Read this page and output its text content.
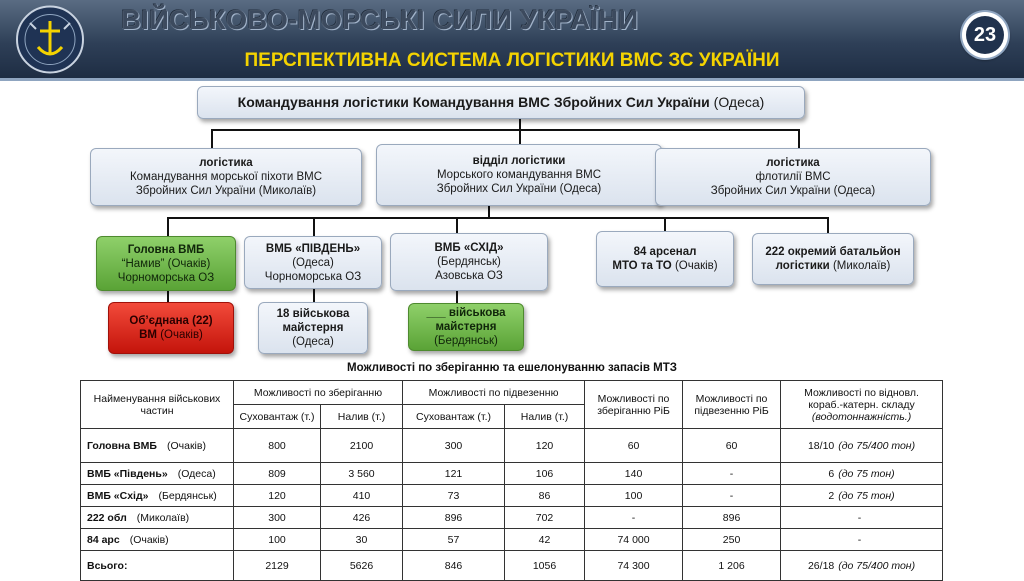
ВІЙСЬКОВО-МОРСЬКІ СИЛИ УКРАЇНИ
ПЕРСПЕКТИВНА СИСТЕМА ЛОГІСТИКИ ВМС ЗС УКРАЇНИ
23
Командування логістики Командування ВМС Збройних Сил України (Одеса)
логістика
Командування морської піхоти ВМС
Збройних Сил України (Миколаїв)
відділ логістики
Морського командування ВМС
Збройних Сил України (Одеса)
логістика
флотилії ВМС
Збройних Сил України (Одеса)
Головна ВМБ
“Намив” (Очаків)
Чорноморська ОЗ
ВМБ «ПІВДЕНЬ»
(Одеса)
Чорноморська ОЗ
ВМБ «СХІД»
(Бердянськ)
Азовська ОЗ
84 арсенал
МТО та ТО (Очаків)
222 окремий батальйон
логістики (Миколаїв)
Об’єднана (22)
ВМ (Очаків)
18 військова
майстерня
(Одеса)
___ військова
майстерня
(Бердянськ)
Можливості по зберіганню та ешелонуванню запасів МТЗ
Найменування військових частин	Можливості по зберіганню		Можливості по підвезенню		Можливості по зберіганню РіБ	Можливості по підвезенню РіБ	Можливості по відновл.
кораб.-катерн. складу
(водотоннажність.)

	Суховантаж (т.)	Налив (т.)	Суховантаж (т.)	Налив (т.)			
Головна ВМБ (Очаків)	800	2100	300	120	60	60	18/10 (до 75/400 тон)
ВМБ «Південь» (Одеса)	809	3 560	121	106	140	-	6 (до 75 тон)
ВМБ «Схід» (Бердянськ)	120	410	73	86	100	-	2 (до 75 тон)
222 обл (Миколаїв)	300	426	896	702	-	896	-
84 арс (Очаків)	100	30	57	42	74 000	250	-
Всього:	2129	5626	846	1056	74 300	1 206	26/18 (до 75/400 тон)
